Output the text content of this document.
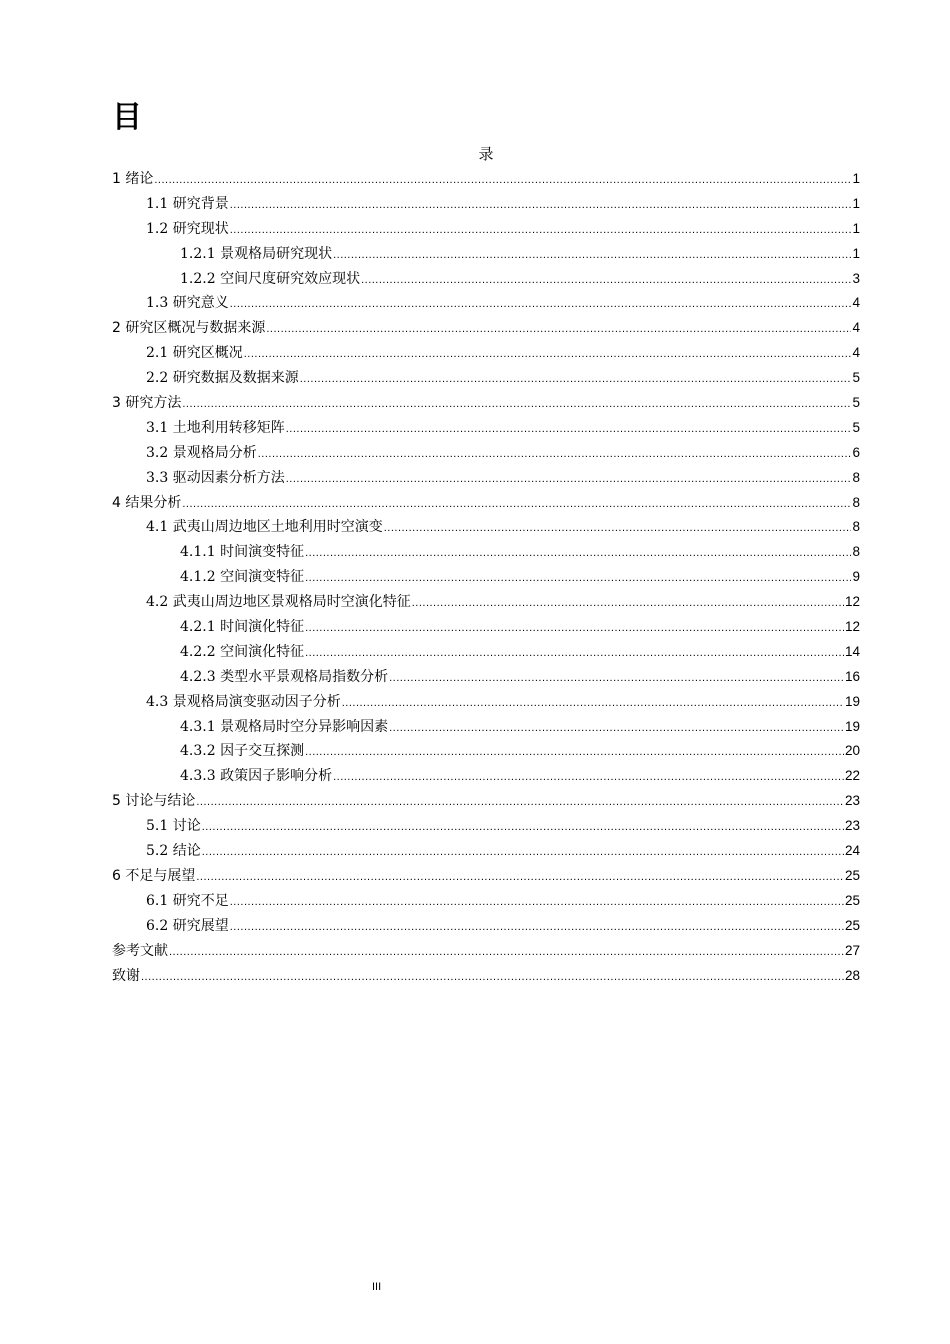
目
录
1 绪论 .....	1
1.1 研究背景 .....	1
1.2 研究现状 .....	1
1.2.1 景观格局研究现状 .....	1
1.2.2 空间尺度研究效应现状 .....	3
1.3 研究意义 .....	4
2 研究区概况与数据来源 .....	4
2.1 研究区概况 .....	4
2.2 研究数据及数据来源 .....	5
3 研究方法 .....	5
3.1 土地利用转移矩阵 .....	5
3.2 景观格局分析 .....	6
3.3 驱动因素分析方法 .....	8
4 结果分析 .....	8
4.1 武夷山周边地区土地利用时空演变 .....	8
4.1.1 时间演变特征 .....	8
4.1.2 空间演变特征 .....	9
4.2 武夷山周边地区景观格局时空演化特征 .....	12
4.2.1 时间演化特征 .....	12
4.2.2 空间演化特征 .....	14
4.2.3 类型水平景观格局指数分析 .....	16
4.3 景观格局演变驱动因子分析 .....	19
4.3.1 景观格局时空分异影响因素 .....	19
4.3.2 因子交互探测 .....	20
4.3.3 政策因子影响分析 .....	22
5 讨论与结论 .....	23
5.1 讨论 .....	23
5.2 结论 .....	24
6 不足与展望 .....	25
6.1 研究不足 .....	25
6.2 研究展望 .....	25
参考文献 .....	27
致谢 .....	28
III
